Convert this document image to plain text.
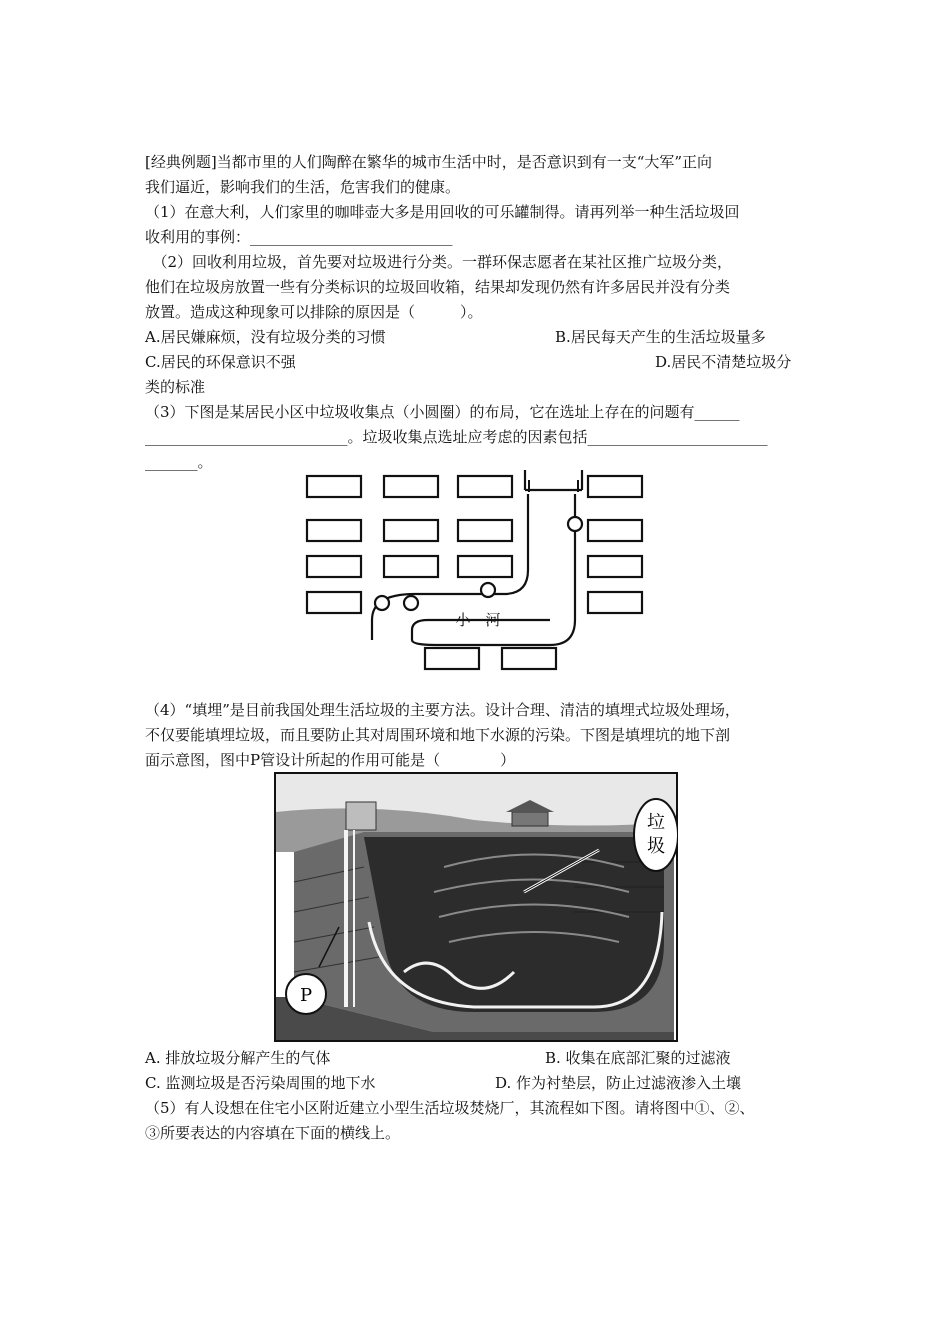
[经典例题]当都市里的人们陶醉在繁华的城市生活中时，是否意识到有一支“大军”正向
我们逼近，影响我们的生活，危害我们的健康。
（1）在意大利，人们家里的咖啡壶大多是用回收的可乐罐制得。请再列举一种生活垃圾回
收利用的事例：___________________________
　（2）回收利用垃圾，首先要对垃圾进行分类。一群环保志愿者在某社区推广垃圾分类，
他们在垃圾房放置一些有分类标识的垃圾回收箱，结果却发现仍然有许多居民并没有分类
放置。造成这种现象可以排除的原因是（　　　）。
A.居民嫌麻烦，没有垃圾分类的习惯	B.居民每天产生的生活垃圾量多
C.居民的环保意识不强	D.居民不清楚垃圾分
类的标准
（3）下图是某居民小区中垃圾收集点（小圆圈）的布局，它在选址上存在的问题有______
___________________________。垃圾收集点选址应考虑的因素包括________________________
_______。
小　河
（4）“填埋”是目前我国处理生活垃圾的主要方法。设计合理、清洁的填埋式垃圾处理场，
不仅要能填埋垃圾，而且要防止其对周围环境和地下水源的污染。下图是填埋坑的地下剖
面示意图，图中P管设计所起的作用可能是（　　　　）
垃
圾
P
A. 排放垃圾分解产生的气体	B. 收集在底部汇聚的过滤液
C. 监测垃圾是否污染周围的地下水	D. 作为衬垫层，防止过滤液渗入土壤
（5）有人设想在住宅小区附近建立小型生活垃圾焚烧厂，其流程如下图。请将图中①、②、
③所要表达的内容填在下面的横线上。
